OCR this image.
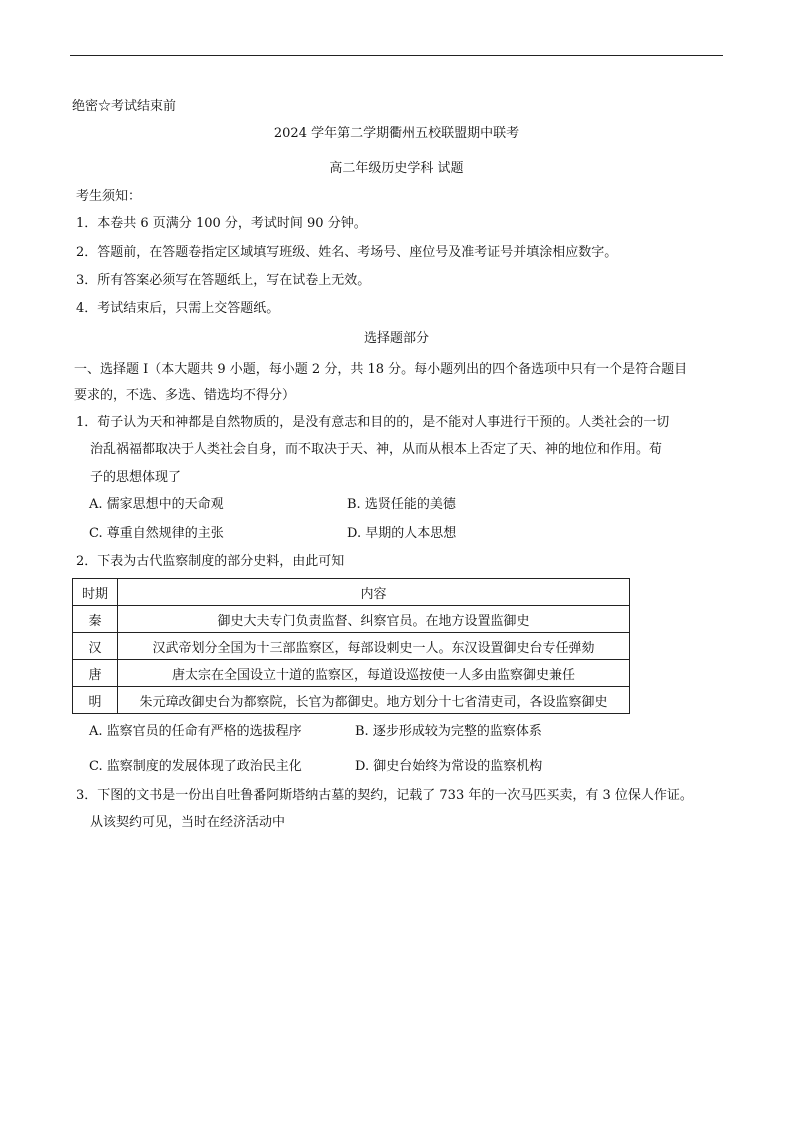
绝密☆考试结束前
2024 学年第二学期衢州五校联盟期中联考
高二年级历史学科 试题
考生须知：
1．本卷共 6 页满分 100 分，考试时间 90 分钟。
2．答题前，在答题卷指定区域填写班级、姓名、考场号、座位号及准考证号并填涂相应数字。
3．所有答案必须写在答题纸上，写在试卷上无效。
4．考试结束后，只需上交答题纸。
选择题部分
一、选择题 I（本大题共 9 小题，每小题 2 分，共 18 分。每小题列出的四个备选项中只有一个是符合题目
要求的，不选、多选、错选均不得分）
1．荀子认为天和神都是自然物质的，是没有意志和目的的，是不能对人事进行干预的。人类社会的一切
治乱祸福都取决于人类社会自身，而不取决于天、神，从而从根本上否定了天、神的地位和作用。荀
子的思想体现了
A. 儒家思想中的天命观	B. 选贤任能的美德
C. 尊重自然规律的主张	D. 早期的人本思想
2．下表为古代监察制度的部分史料，由此可知
时期	内容
秦	御史大夫专门负责监督、纠察官员。在地方设置监御史
汉	汉武帝划分全国为十三部监察区，每部设刺史一人。东汉设置御史台专任弹劾
唐	唐太宗在全国设立十道的监察区，每道设巡按使一人多由监察御史兼任
明	朱元璋改御史台为都察院，长官为都御史。地方划分十七省清吏司，各设监察御史
A. 监察官员的任命有严格的选拔程序	B. 逐步形成较为完整的监察体系
C. 监察制度的发展体现了政治民主化	D. 御史台始终为常设的监察机构
3．下图的文书是一份出自吐鲁番阿斯塔纳古墓的契约，记载了 733 年的一次马匹买卖，有 3 位保人作证。
从该契约可见，当时在经济活动中
